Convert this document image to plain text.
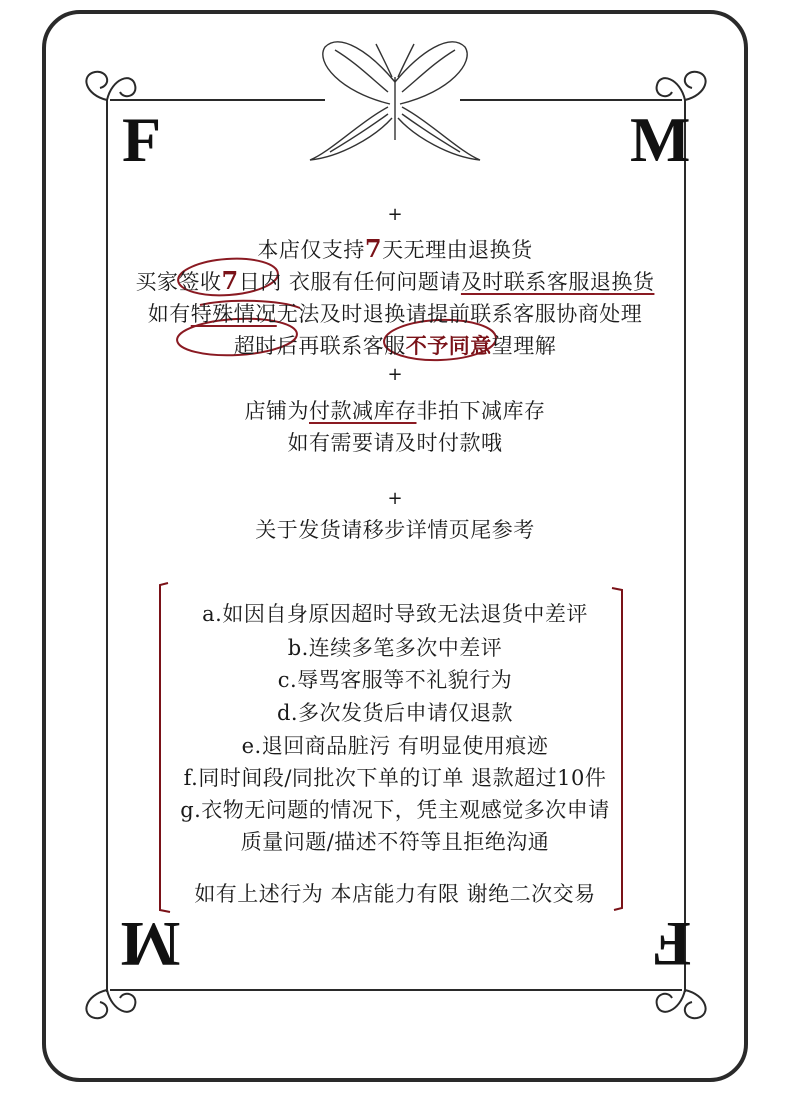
F	M
M	F
+
本店仅支持7天无理由退换货
买家签收7日内 衣服有任何问题请及时联系客服退换货
如有特殊情况无法及时退换请提前联系客服协商处理
超时后再联系客服不予同意望理解
+
店铺为付款减库存非拍下减库存
如有需要请及时付款哦
+
关于发货请移步详情页尾参考
a.如因自身原因超时导致无法退货中差评
b.连续多笔多次中差评
c.辱骂客服等不礼貌行为
d.多次发货后申请仅退款
e.退回商品脏污 有明显使用痕迹
f.同时间段/同批次下单的订单 退款超过10件
g.衣物无问题的情况下，凭主观感觉多次申请
质量问题/描述不符等且拒绝沟通
如有上述行为 本店能力有限 谢绝二次交易
